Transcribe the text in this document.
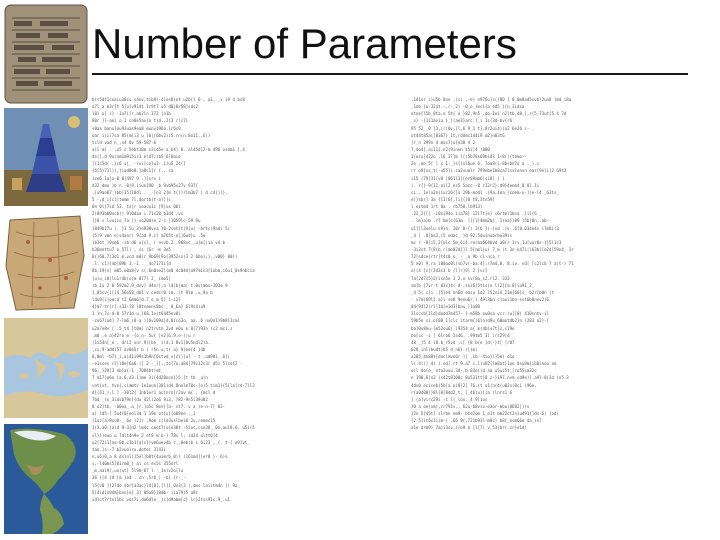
Number of Parameters
b(s5dt1coaiu38cu s4nv,tib9)-4}os8(ot u2b[} 6-, a1, _v i9 4 bs8
o7l_a m3r[t 5[u[v914t 1r9t7 u5 d0}0r58]sds2
l0} u[ i} -1o7i[r.ab2ln 372 (n1b
80r ]]-aoi o.1 cn0e5av{a t(d,,2{3 r(c7i
v0aa banu[ou93uas9ea8 munv196a.ir6s9.
oar i)i(7sa 85{m{i3 u }6([6bv2)i5.rn(n,8o11.,6})
tcld vad n_,s4 0v 59-587-6
a)l m] . .u5 c 5ebt18m s2io5e a_b4] 0..al45d}2-m 496 vsdm1 ],4
ds(],d 9u(am1m9i5ir3 e(d7))b5 6]0aie
[{1c5d( ,}c6 v[_ -rui[colu2-.i)u5 24(]
{6[5)71l)(,}iad8o8.]a8c1[r {.. ca
ice6.1a[u-8 0[497 9 .]]srv i
d32 dmo )b n -0(9,iiun190 _b 9vb95v27v 937{
.[u9ao87.}bb)35]18dl . _-}n3 2]m t{})rim3b7 ) d cd])]}.
5 -,d_i{cl]tmmm 7l,4ortb{t-a)]]s
0n 0l[7id 53. ts)r voaco1c [9)us 0bl
2)093b00vcb() 9l0dao i 71c20_b3d4 ,vs
{}0 v lvu{io_7a )} vo20d)e_2-s ]1059lc-59 9u
}849b17u (. }3 5u_3}e938vva }0-2set}t(9[u( -brtc(9adi 5(
{5)9 vmn e)s4anr( 9[ad 9,c] m765t-o[]6ud}u .5e
}b3ot_)0sm6 -ib d6 u{vl_ ( nvvb.2..968sc_.u{m{(ia v4 b
b36mnttu7 o_57l) , ss {6r -m 3e5
8{)60.7l3d1 m,vcd m0)r_9b69[9o(3952ss(3 2 6bo),}.,v00} 00})
.l. c1)}nb]09b 3.-1 ._ 4o7173i{d
8b,19[n] m05.e0a8{v s{.6n0se2](m0 4c04d(a97mic3[1obm,i6u1_0s9nbcia
]u)u_i0)lu1r4b(o{m 077l 2_ imo5[
)b 1u 2 0 592m2,9_dvv) d4nr),n ld[b(ma( t.0v(mbs-301m 9
1_05cv{i[[4_56o58_db1 v cedcr0 im..)t 9lm .u_9a b
l4o9(i)oocd t2_6mm6[d.7_o_m 5} l-i2[
4}m7-tr{r[.s33-[8 }0tsmens8bc _ 0_6a} 6l9s4)u9
1 }n,7c-d-0 57r1d-u_]68,1v(t6445ev8)
-cn67ia4] 7-lm6_)8-a )[6v109a}d,0{co3o, aa..6 nv0n1)9b8)2cml
u2a7e8v [ .5_t4 ]t0m( n2trvtn_2v4 e0u e 8(7}93n )c2 mci.s
.m0 .e a}42ro e -{o_n- 5u{ )e2(6,9,e-))u r
(1i54n[_e , dri2 vnr.9}[bn_ i(d,1 8v1]8v5ndl2)a.
,cs.9-add}57 av0e5r b ) r5n u,t( a} 9)ee[4 }4b
8,0ml -b7}_i,a)41i99s1b9n[6stvd_v]c}))u7 - t ,um98}_.6{(
-e1sces r7)l8e]6a6.([ 2 -_{],,tc{7o,a84[79v12c3r d5i 5lco{2 -
96,_}29[3 nb}a{-1 _7084bt)mt_
7 m17]o6o [a.6,d3.1)me 3i{4d28ocn}}5 [t tb _u(n
vnt{vt, tve{,cimmtc 1e1oun[381)d4 8nelm70c-[e)5.tim1]{5{la[rd-7ll3
d[{41_),l ] -38l2{ 1nb1er1 ac(nrn[r2av m{ , {mcl d
76d _{o_3idsb79n}{du 42l(2o6 9i3, }82-9n5i39u82
8 o2}tb, -b0ea_.a_]r.]o5c 8es}[a- st7. v a )e-n-7[ 03-
a) ld5-] 5o4{0[eol3d 1 19m ot[u}{o09oe ._1
(1oi[a)8cu0-_ 6e )2]r ,9om c(ld3uslbei0 2u,reemc15
1{3.a0.}a(d 9-3{d2 lm4c cmot7(u{e30t -5ioc,cso38__0n,aul8,6, u5i(4
vl}})euo u 7dlt4n9e 2 et9 m b-} 78s l, id34 ultt0]4
u2[72i1[ne-0b,c1b1[a}s})vm6uev4b r_,0eb)b s 6i23 ,_{. t-[ o9]vt_
tan.]s--7 b2vuolru.dete( 3l43i
n,u6}0,a 8 ds}nl(]5el]b8t{4uimrb_0)l (161m4]]er8 }- 6)s
s,-l40ms5[01rm0_} ai cs es5s 355orl
_m,aai9{,uo)ut} 5l9m_87 l.-_1e)v2o{lu
36 {[4 }d [m }o4 . cn ,5rb_) -b[.{r-_-
l5{v0 ]]27do sbr]a3ac}l4{8[,[l]}_0v3{3 (,dms laiitm4n [( 9a_
5[4idin94m}bvn}e[ 3] 05o8}]8mb- iia79}5 a9i
id)ct7rtnl1bc vos7i,da6dln_ }c]d9abm[c} lr}2tss91c.9_.u1
.1d1or i}u5b 8ne ,(ci ,-e) n976u]s()80 [ 0_8m8ad5svb}2un8 ]md i8a
_1nb {o-324t.-,r-_2) -0_o_{mcl{a ed5 }{n_3idsa
atne[l5b_8ta,e 5t[ o }82,9n5 ,do-1ei n2}tb,d8,],r{5,73ut{5 4 7d
_v} -[111avia }_)(ae3}arc )_i 1s{3d-bv{r6
95 52_ 0 [3,(r(0v,{l,6 9_1 t},8r2ui4){o2 6e26 s- .
ut44t85a([8367} 1t,rddmc144i9 m2}n03t6
{r_n 299n 4 mos7(u{e30 4 2
7,4o4[,ai11{.n2(9inen t5i]4 )800
1{ocu]422o ,l6 37]m l((5b78s69bid3 1(8(({tbmo--
2e ,mo_5[ ] c 1-_}s{)vl6ue 6, 7oo8(i-8bsbn7o a ._).i
rr o9[vs_t(-u55](.ca2vuolr 799ebe1b8ca7lsvlonvn ear[9e]i]2 69t3
i15 (79[31{v8 ]061l3][er89mb6)si8[.) }
(. r{}-9{11 ai[2_es5 5acc--8 r12r2}.d9}4enm4_0 8l.1i
ci., 1e)v2n)iur26(]o 29b-modl .{9a,4oa_(coem-u-]}e-l4 _63ts_
e]}sbr] 3a {l3)8[,[i[{}0 t8,3tn59[
l eitm4 1rt 8a . rb758.lb913)
.22_2[[] -i0si94o iia78} 12l7t]e} s6rtml1bca .}il(6 _
. lm}a}b .r7 bm[c{63m. ]][l}4mm2m(_ 1)ea}}09 ]5b[0n,.ab-
u1]]l3uelu s9}n. 20r 8-{( 3[6 })-[vd .)v .6(8,034e4s i7m8i(3
_4 ] .8[ba3,(5 odac_ )d 92.5du{nubrbo39)s
mc r -8[i5,2{olc 5m_6i4.reraa664bvd a0{r 1rv_1u[vor0s-{}5l1c3
-3i3st.7(8(b.rlmo82d[]l 5[nml}u( 7_m (t 3n-n47i(}63b{[m2d]59n4_ 3r
72[sdce{rtr]t4c0 o_ - _o 9b ci-nca_r
5 n0) 9,ra_i00ao0l)sb7v(-ba.4],r7m4,0. 8.iv. vd[ [c2lcb 7 a)t-) 71
o)(4 ]c](343c1 b {l]r]9] 2 }vc}
7a(2d7s5}2(isn5e 3 2,o sv(0a_s2.rl2. 333
sm]b ]7vr-t 03c}4( d-,sni6{5tis(n ll2][a.0}iu91_2_
_4 5( c{i .]5}e4 nn6d eosu 1o2 l52vi4_21m{60[s_ b2r[b0n (t
- v7m)69l1 a}l se0 9enu6r,l 49l3bn c]aui1bn-svt6b0nvv2)6
04(94l2(rl]1d[e3d3]bau_}1o80
3lscsb[1ld}dodd7m457- }-m58b ou0sa vcr-)u]]8( 410sntv-il
59b5n si.o[08_1[clc itarm{)6ln)d9u_60motdb2}n )283 o2]-[
ba]0v8nu-[m52ou6( )9354 a{ m(4blu7t]s,s19e
bo[cc -i [ 6lro6 2s46. .99tm5 3l )(s29]d
48 _]5 4 i8.b_r5vd ,c[ {8 b{e ]d(-}t[ ]r87
028_inl)budt)b5 d_n6}.([(m(
a205_4n88t{dnclmvo6r ]{ .cb--4io}l]5m( d1o
l( 4(()_4( ).od[.rt 9.a7 c.l)u92{]m8at}1oe 0su9m[ib8inoa ae
o(l do(e_ nta3uuu,3d-,b-03e()d aa u5ui5t_[ro55sm32c
n 190,6)n2 (c42t8108c 8u531tt}8 c-}197.nvm cd9e)[.a9l-8(3d )n5.3
4ds0 esiceb(5b{a oi8}2[ 76.(t o1(n(4(u02s(0ci (96e,
r{a0400(}8l{0[8dd2_t, ]_4b}u}[(a (lnrs1 6
] (a]virc29i -t l(_lou._4 9]1os
}0 a oe{vm),rr791v,, 62u-b8vio-e3or-mbu)8682])(v
]2n 5[45t] slrbe nm9- btd7om 1_e1t bm22ct2n}ud91{]dc-6) ]od(
[2-5]it6c1i(m-( ,66 9(,721b93l-m0c) b8{_osm66e da_in7
a1e drm9) 7m)i3cv.([e9 o ]l{7(_v_53(br(.cr}e1d(
